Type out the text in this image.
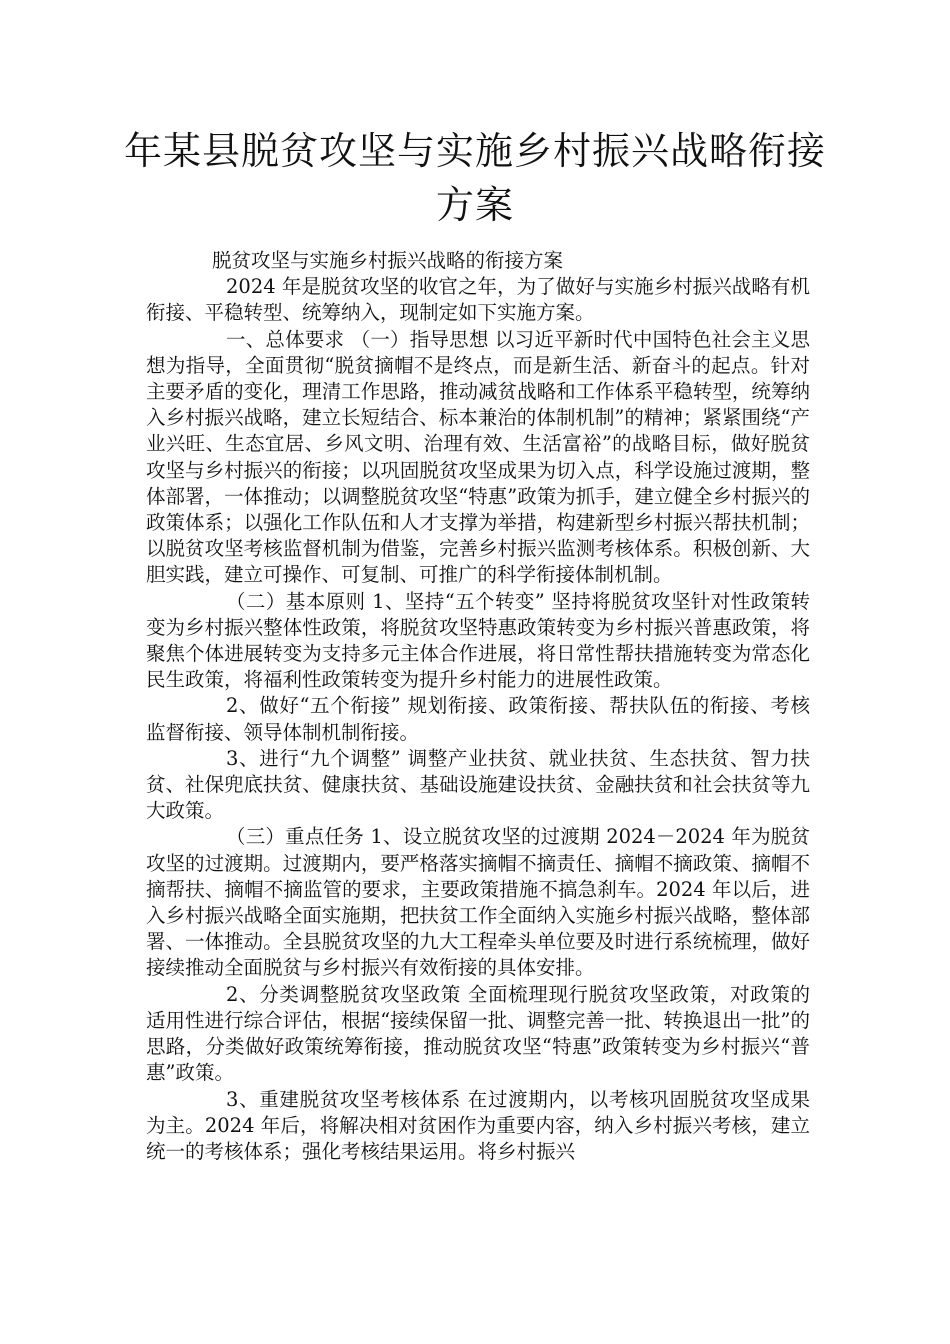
年某县脱贫攻坚与实施乡村振兴战略衔接方案

脱贫攻坚与实施乡村振兴战略的衔接方案

2024 年是脱贫攻坚的收官之年，为了做好与实施乡村振兴战略有机衔接、平稳转型、统筹纳入，现制定如下实施方案。

一、总体要求 （一）指导思想 以习近平新时代中国特色社会主义思想为指导，全面贯彻“脱贫摘帽不是终点，而是新生活、新奋斗的起点。针对主要矛盾的变化，理清工作思路，推动减贫战略和工作体系平稳转型，统筹纳入乡村振兴战略，建立长短结合、标本兼治的体制机制”的精神；紧紧围绕“产业兴旺、生态宜居、乡风文明、治理有效、生活富裕”的战略目标，做好脱贫攻坚与乡村振兴的衔接；以巩固脱贫攻坚成果为切入点，科学设施过渡期，整体部署，一体推动；以调整脱贫攻坚“特惠”政策为抓手，建立健全乡村振兴的政策体系；以强化工作队伍和人才支撑为举措，构建新型乡村振兴帮扶机制；以脱贫攻坚考核监督机制为借鉴，完善乡村振兴监测考核体系。积极创新、大胆实践，建立可操作、可复制、可推广的科学衔接体制机制。

（二）基本原则 1、坚持“五个转变” 坚持将脱贫攻坚针对性政策转变为乡村振兴整体性政策，将脱贫攻坚特惠政策转变为乡村振兴普惠政策，将聚焦个体进展转变为支持多元主体合作进展，将日常性帮扶措施转变为常态化民生政策，将福利性政策转变为提升乡村能力的进展性政策。

2、做好“五个衔接” 规划衔接、政策衔接、帮扶队伍的衔接、考核监督衔接、领导体制机制衔接。

3、进行“九个调整” 调整产业扶贫、就业扶贫、生态扶贫、智力扶贫、社保兜底扶贫、健康扶贫、基础设施建设扶贫、金融扶贫和社会扶贫等九大政策。

（三）重点任务 1、设立脱贫攻坚的过渡期 2024－2024 年为脱贫攻坚的过渡期。过渡期内，要严格落实摘帽不摘责任、摘帽不摘政策、摘帽不摘帮扶、摘帽不摘监管的要求，主要政策措施不搞急刹车。2024 年以后，进入乡村振兴战略全面实施期，把扶贫工作全面纳入实施乡村振兴战略，整体部署、一体推动。全县脱贫攻坚的九大工程牵头单位要及时进行系统梳理，做好接续推动全面脱贫与乡村振兴有效衔接的具体安排。

2、分类调整脱贫攻坚政策 全面梳理现行脱贫攻坚政策，对政策的适用性进行综合评估，根据“接续保留一批、调整完善一批、转换退出一批”的思路，分类做好政策统筹衔接，推动脱贫攻坚“特惠”政策转变为乡村振兴“普惠”政策。

3、重建脱贫攻坚考核体系 在过渡期内，以考核巩固脱贫攻坚成果为主。2024 年后，将解决相对贫困作为重要内容，纳入乡村振兴考核，建立统一的考核体系；强化考核结果运用。将乡村振兴
